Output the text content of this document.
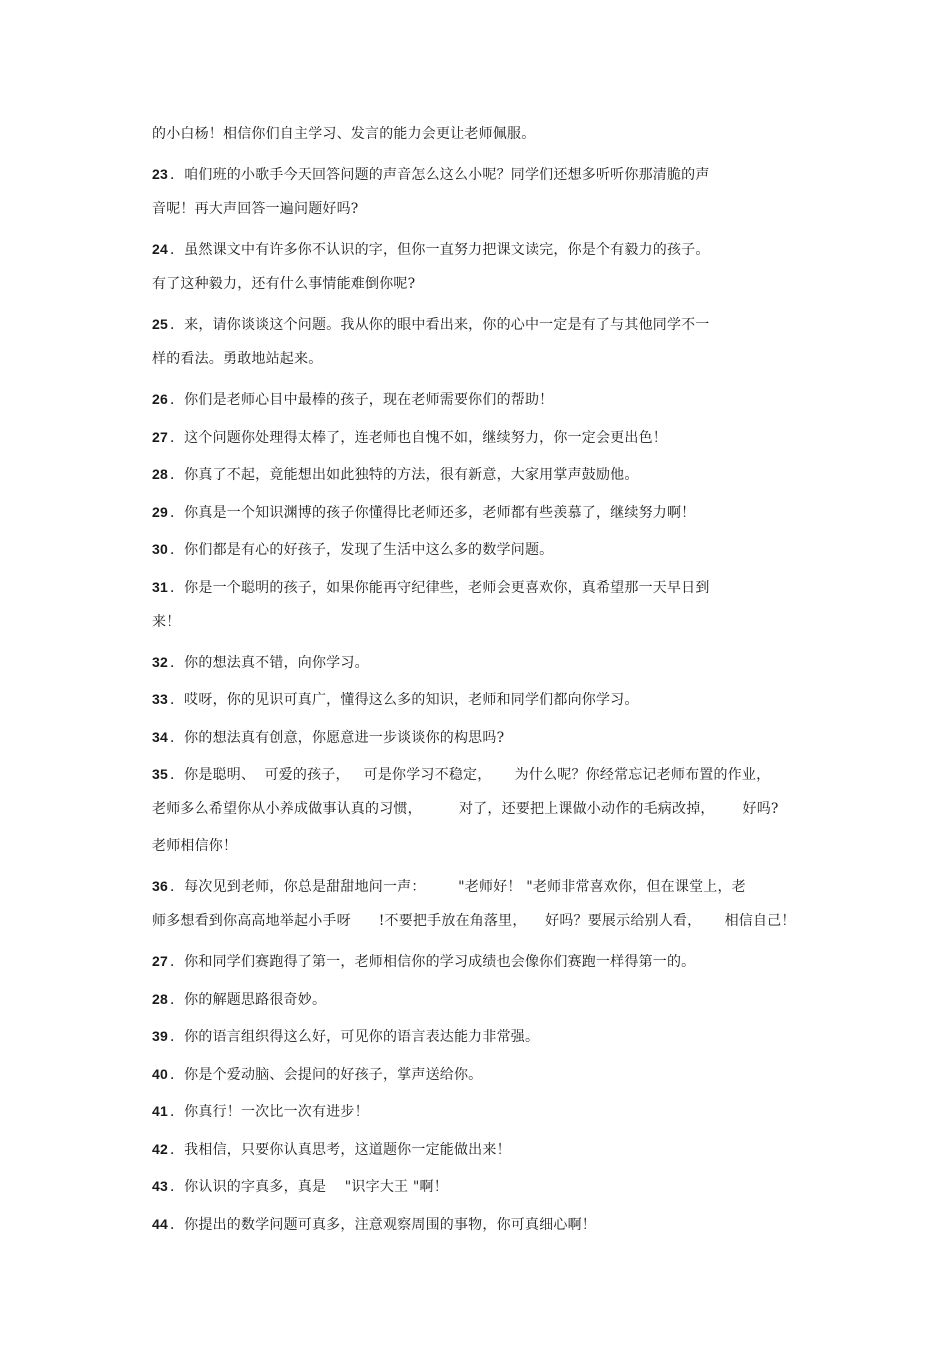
的小白杨！相信你们自主学习、发言的能力会更让老师佩服。
23 ．咱们班的小歌手今天回答问题的声音怎么这么小呢？同学们还想多听听你那清脆的声
音呢！再大声回答一遍问题好吗?
24 ．虽然课文中有许多你不认识的字，但你一直努力把课文读完，你是个有毅力的孩子。
有了这种毅力，还有什么事情能难倒你呢?
25 ．来，请你谈谈这个问题。我从你的眼中看出来，你的心中一定是有了与其他同学不一
样的看法。勇敢地站起来。
26 ．你们是老师心目中最棒的孩子，现在老师需要你们的帮助！
27 ．这个问题你处理得太棒了，连老师也自愧不如，继续努力，你一定会更出色！
28 ．你真了不起，竟能想出如此独特的方法，很有新意，大家用掌声鼓励他。
29 ．你真是一个知识渊博的孩子你懂得比老师还多，老师都有些羡慕了，继续努力啊！
30 ．你们都是有心的好孩子，发现了生活中这么多的数学问题。
31 ．你是一个聪明的孩子，如果你能再守纪律些，老师会更喜欢你，真希望那一天早日到
来！
32 ．你的想法真不错，向你学习。
33 ．哎呀，你的见识可真广，懂得这么多的知识，老师和同学们都向你学习。
34 ．你的想法真有创意，你愿意进一步谈谈你的构思吗?
35 ．你是聪明、  可爱的孩子，   可是你学习不稳定，     为什么呢？你经常忘记老师布置的作业，
老师多么希望你从小养成做事认真的习惯，        对了，还要把上课做小动作的毛病改掉，      好吗?
老师相信你！
36 ．每次见到老师，你总是甜甜地问一声：       "老师好！ "老师非常喜欢你，但在课堂上，老
师多想看到你高高地举起小手呀      !不要把手放在角落里，    好吗？要展示给别人看，     相信自己！
27 ．你和同学们赛跑得了第一，老师相信你的学习成绩也会像你们赛跑一样得第一的。
28 ．你的解题思路很奇妙。
39 ．你的语言组织得这么好，可见你的语言表达能力非常强。
40 ．你是个爱动脑、会提问的好孩子，掌声送给你。
41 ．你真行！一次比一次有进步！
42 ．我相信，只要你认真思考，这道题你一定能做出来！
43 ．你认识的字真多，真是    "识字大王 "啊！
44 ．你提出的数学问题可真多，注意观察周围的事物，你可真细心啊！
